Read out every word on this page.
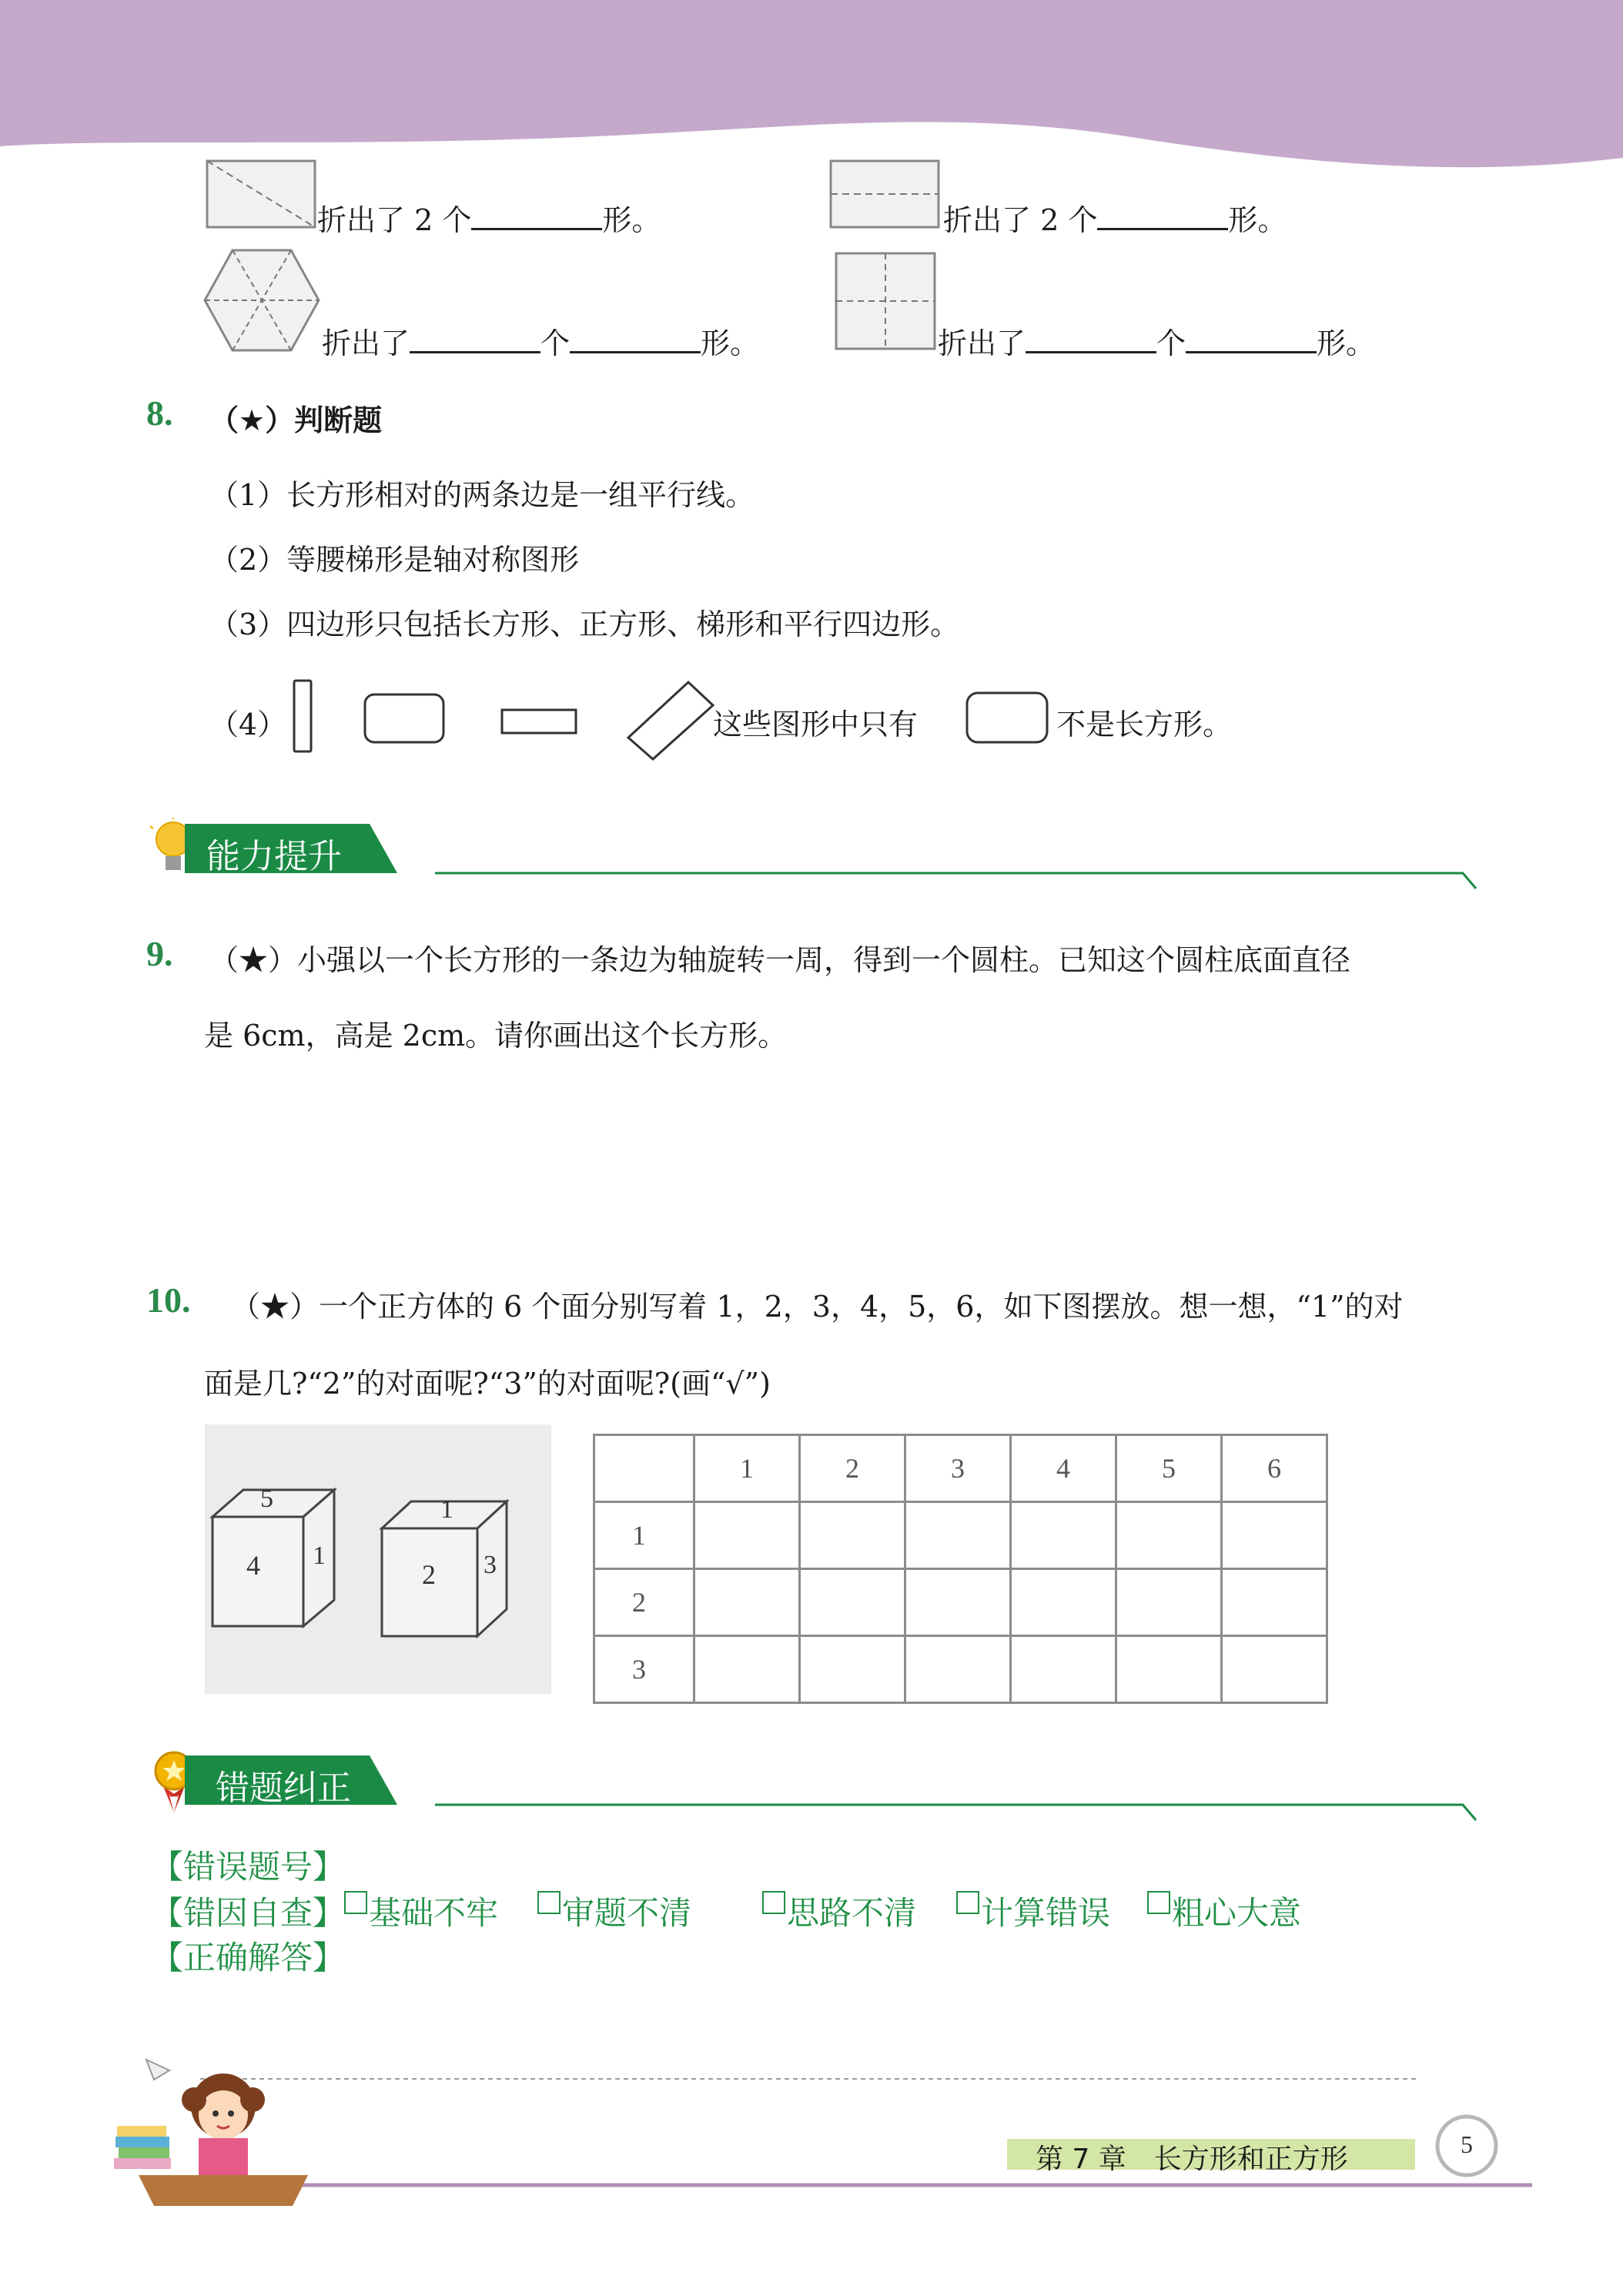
折出了 2 个	形。	折出了 2 个	形。
折出了	个	形。	折出了	个	形。
8. （★）判断题
（1）长方形相对的两条边是一组平行线。
（2）等腰梯形是轴对称图形
（3）四边形只包括长方形、正方形、梯形和平行四边形。
（4）	这些图形中只有	不是长方形。
能力提升
9. （★）小强以一个长方形的一条边为轴旋转一周，得到一个圆柱。已知这个圆柱底面直径
是 6cm，高是 2cm。请你画出这个长方形。
10. （★）一个正方体的 6 个面分别写着 1，2，3，4，5，6，如下图摆放。想一想，“1”的对
面是几?“2”的对面呢?“3”的对面呢?(画“√”)
5
4 1
1
2 3
	1	2	3	4	5	6
1						
2						
3						
错题纠正
【错误题号】
【错因自查】 基础不牢	审题不清	思路不清	计算错误	粗心大意
【正确解答】
第 7 章　长方形和正方形	5
